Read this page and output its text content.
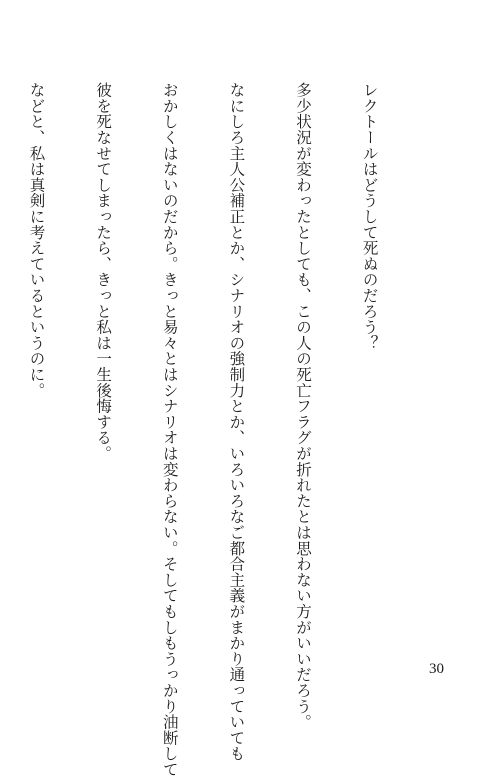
レクトールはどうして死ぬのだろう？

多少状況が変わったとしても、この人の死亡フラグが折れたとは思わない方がいいだろう。

なにしろ主人公補正とか、シナリオの強制力とか、いろいろなご都合主義がまかり通っていても

おかしくはないのだから。きっと易々とはシナリオは変わらない。そしてもしもうっかり油断して

彼を死なせてしまったら、きっと私は一生後悔する。

などと、私は真剣に考えているというのに。

30
